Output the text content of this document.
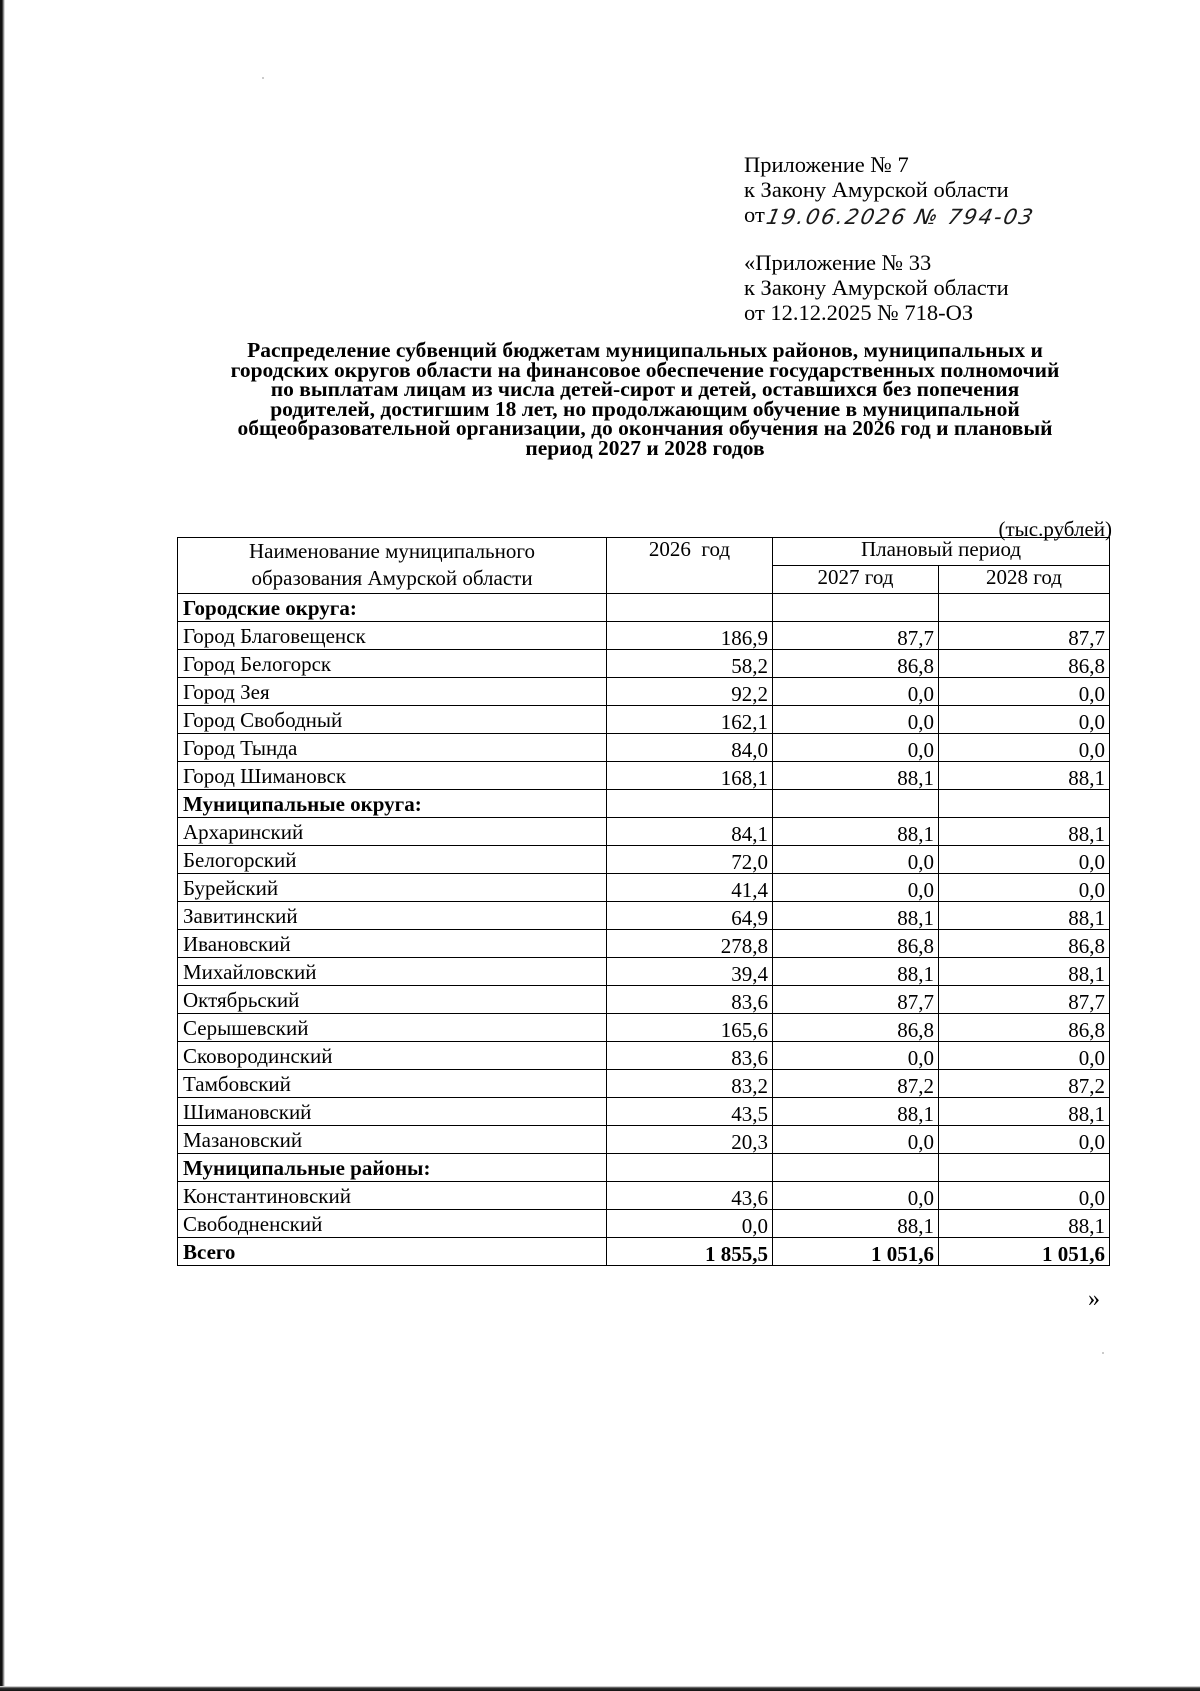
Приложение № 7
к Закону Амурской области
от19.06.2026 № 794-03
«Приложение № 33
к Закону Амурской области
от 12.12.2025 № 718-ОЗ
Распределение субвенций бюджетам муниципальных районов, муниципальных и
городских округов области на финансовое обеспечение государственных полномочий
по выплатам лицам из числа детей-сирот и детей, оставшихся без попечения
родителей, достигшим 18 лет, но продолжающим обучение в муниципальной
общеобразовательной организации, до окончания обучения на 2026 год и плановый
период 2027 и 2028 годов
(тыс.рублей)
Наименование муниципального
образования Амурской области	2026  год	Плановый период	
		2027 год	2028 год
Городские округа:			
Город Благовещенск	186,9	87,7	87,7
Город Белогорск	58,2	86,8	86,8
Город Зея	92,2	0,0	0,0
Город Свободный	162,1	0,0	0,0
Город Тында	84,0	0,0	0,0
Город Шимановск	168,1	88,1	88,1
Муниципальные округа:			
Архаринский	84,1	88,1	88,1
Белогорский	72,0	0,0	0,0
Бурейский	41,4	0,0	0,0
Завитинский	64,9	88,1	88,1
Ивановский	278,8	86,8	86,8
Михайловский	39,4	88,1	88,1
Октябрьский	83,6	87,7	87,7
Серышевский	165,6	86,8	86,8
Сковородинский	83,6	0,0	0,0
Тамбовский	83,2	87,2	87,2
Шимановский	43,5	88,1	88,1
Мазановский	20,3	0,0	0,0
Муниципальные районы:			
Константиновский	43,6	0,0	0,0
Свободненский	0,0	88,1	88,1
Всего	1 855,5	1 051,6	1 051,6
»
